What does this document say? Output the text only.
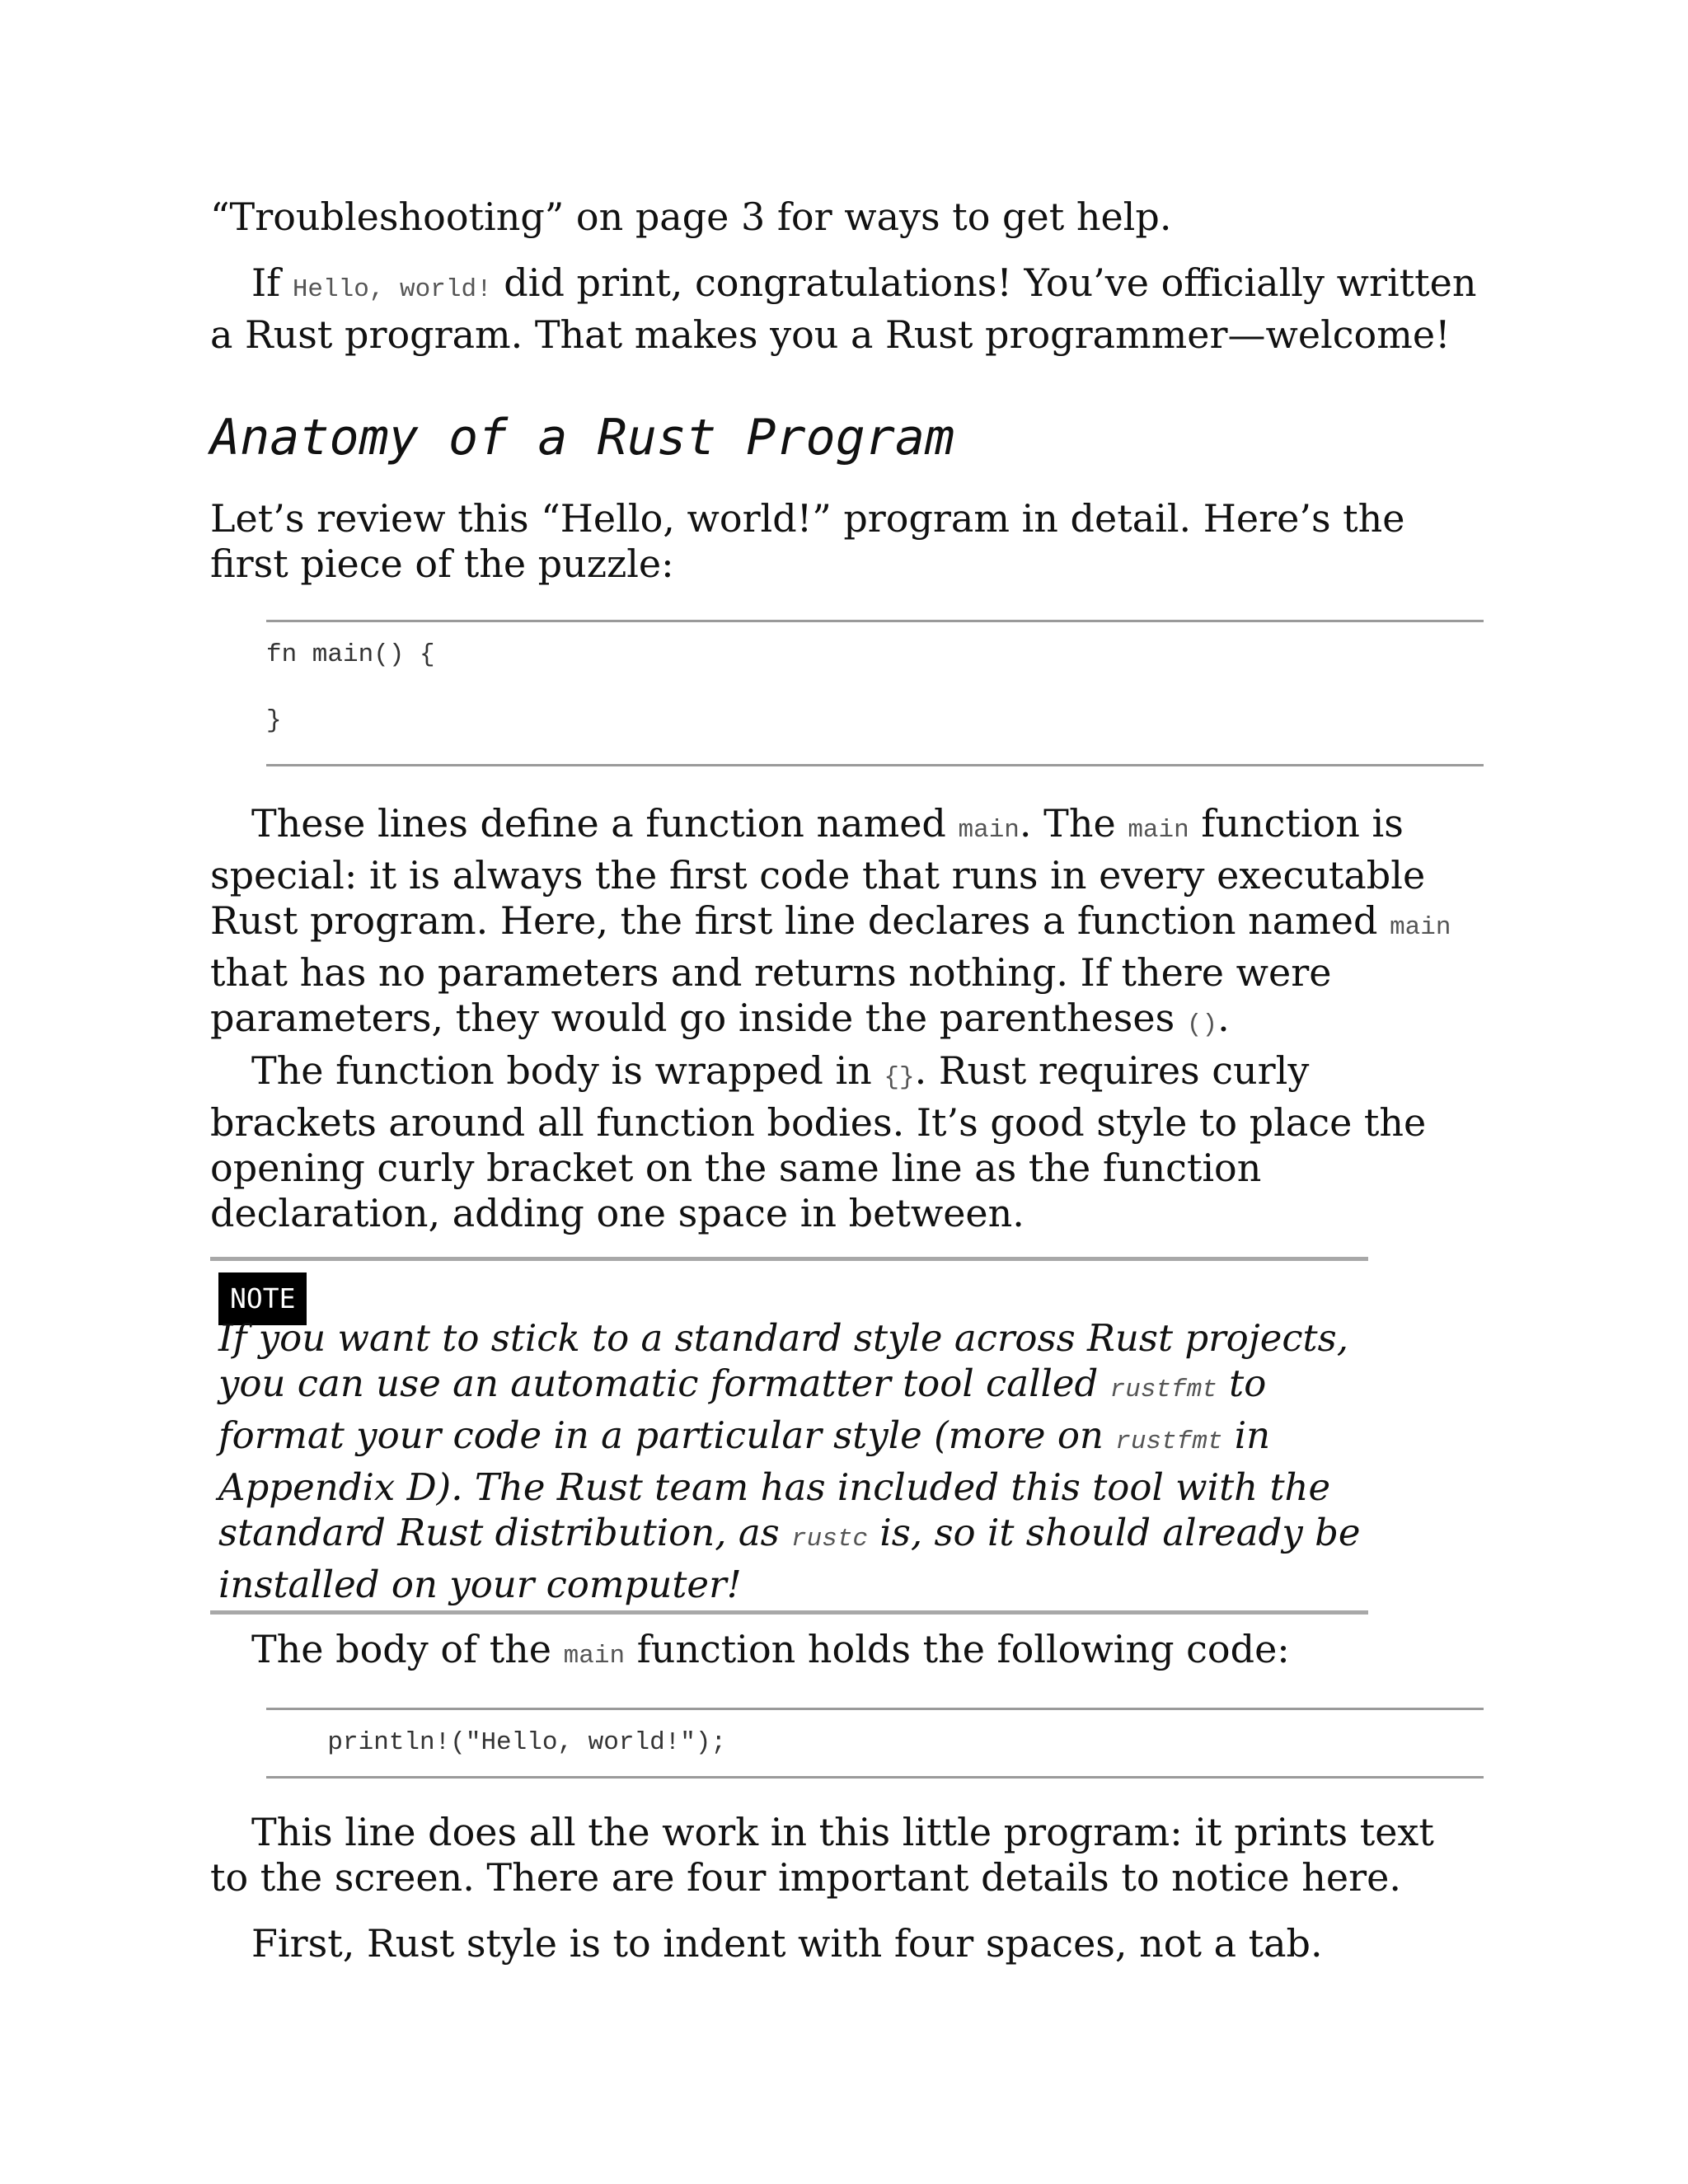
“Troubleshooting” on page 3 for ways to get help.

If Hello, world! did print, congratulations! You’ve officially written a Rust program. That makes you a Rust programmer—welcome!

Anatomy of a Rust Program

Let’s review this “Hello, world!” program in detail. Here’s the first piece of the puzzle:

fn main() {

}

These lines define a function named main. The main function is special: it is always the first code that runs in every executable Rust program. Here, the first line declares a function named main that has no parameters and returns nothing. If there were parameters, they would go inside the parentheses ().

The function body is wrapped in {}. Rust requires curly brackets around all function bodies. It’s good style to place the opening curly bracket on the same line as the function declaration, adding one space in between.

NOTE

If you want to stick to a standard style across Rust projects, you can use an automatic formatter tool called rustfmt to format your code in a particular style (more on rustfmt in Appendix D). The Rust team has included this tool with the standard Rust distribution, as rustc is, so it should already be installed on your computer!

The body of the main function holds the following code:

println!("Hello, world!");

This line does all the work in this little program: it prints text to the screen. There are four important details to notice here.

First, Rust style is to indent with four spaces, not a tab.
